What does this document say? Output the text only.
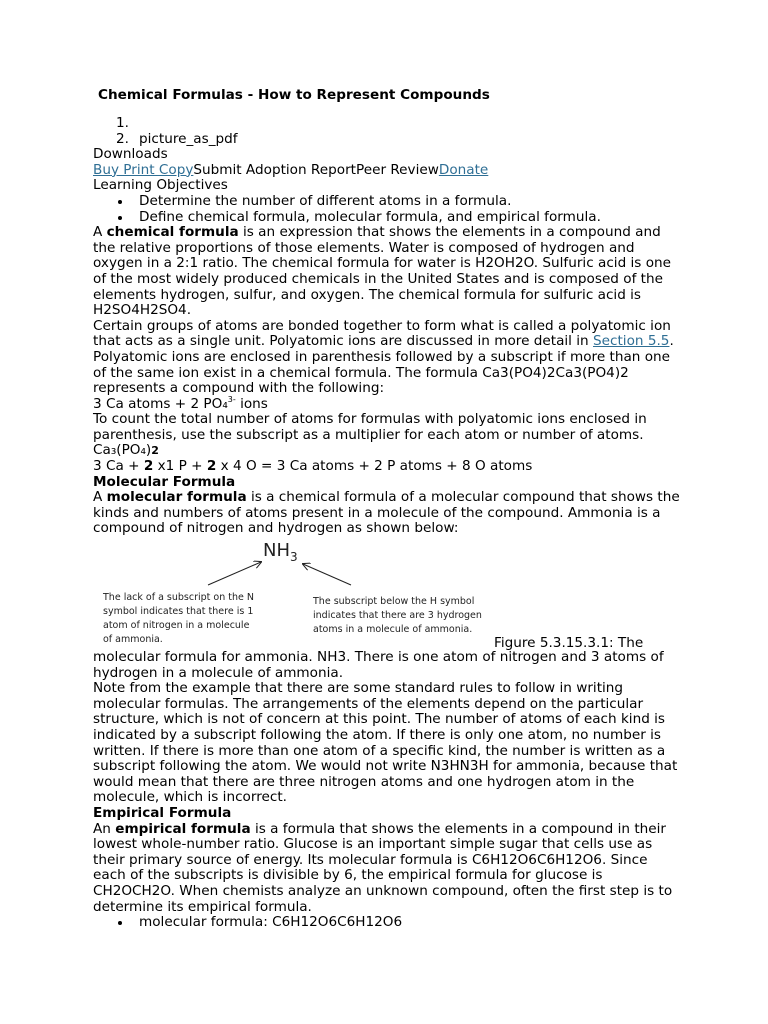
Chemical Formulas - How to Represent Compounds
1.

2. picture_as_pdf
Downloads
Buy Print CopySubmit Adoption ReportPeer ReviewDonate
Learning Objectives
Determine the number of different atoms in a formula.
Define chemical formula, molecular formula, and empirical formula.

A chemical formula is an expression that shows the elements in a compound and the relative proportions of those elements. Water is composed of hydrogen and oxygen in a 2:1 ratio. The chemical formula for water is H2OH2O. Sulfuric acid is one of the most widely produced chemicals in the United States and is composed of the elements hydrogen, sulfur, and oxygen. The chemical formula for sulfuric acid is H2SO4H2SO4.

Certain groups of atoms are bonded together to form what is called a polyatomic ion that acts as a single unit. Polyatomic ions are discussed in more detail in Section 5.5. Polyatomic ions are enclosed in parenthesis followed by a subscript if more than one of the same ion exist in a chemical formula. The formula Ca3(PO4)2Ca3(PO4)2 represents a compound with the following:

3 Ca atoms + 2 PO₄$^{3-}$ ions

To count the total number of atoms for formulas with polyatomic ions enclosed in parenthesis, use the subscript as a multiplier for each atom or number of atoms.

Ca₃(PO₄)2
3 Ca + 2 x1 P + 2 x 4 O = 3 Ca atoms + 2 P atoms + 8 O atoms
Molecular Formula

A molecular formula is a chemical formula of a molecular compound that shows the kinds and numbers of atoms present in a molecule of the compound. Ammonia is a compound of nitrogen and hydrogen as shown below:

$NH_3$
The lack of a subscript on the N
symbol indicates that there is 1
atom of nitrogen in a molecule
of ammonia.
The subscript below the H symbol
indicates that there are 3 hydrogen
atoms in a molecule of ammonia.
Figure 5.3.15.3.1: The

molecular formula for ammonia. NH3. There is one atom of nitrogen and 3 atoms of hydrogen in a molecule of ammonia.

Note from the example that there are some standard rules to follow in writing molecular formulas. The arrangements of the elements depend on the particular structure, which is not of concern at this point. The number of atoms of each kind is indicated by a subscript following the atom. If there is only one atom, no number is written. If there is more than one atom of a specific kind, the number is written as a subscript following the atom. We would not write N3HN3H for ammonia, because that would mean that there are three nitrogen atoms and one hydrogen atom in the molecule, which is incorrect.

Empirical Formula

An empirical formula is a formula that shows the elements in a compound in their lowest whole-number ratio. Glucose is an important simple sugar that cells use as their primary source of energy. Its molecular formula is C6H12O6C6H12O6. Since each of the subscripts is divisible by 6, the empirical formula for glucose is CH2OCH2O. When chemists analyze an unknown compound, often the first step is to determine its empirical formula.

molecular formula: C6H12O6C6H12O6
